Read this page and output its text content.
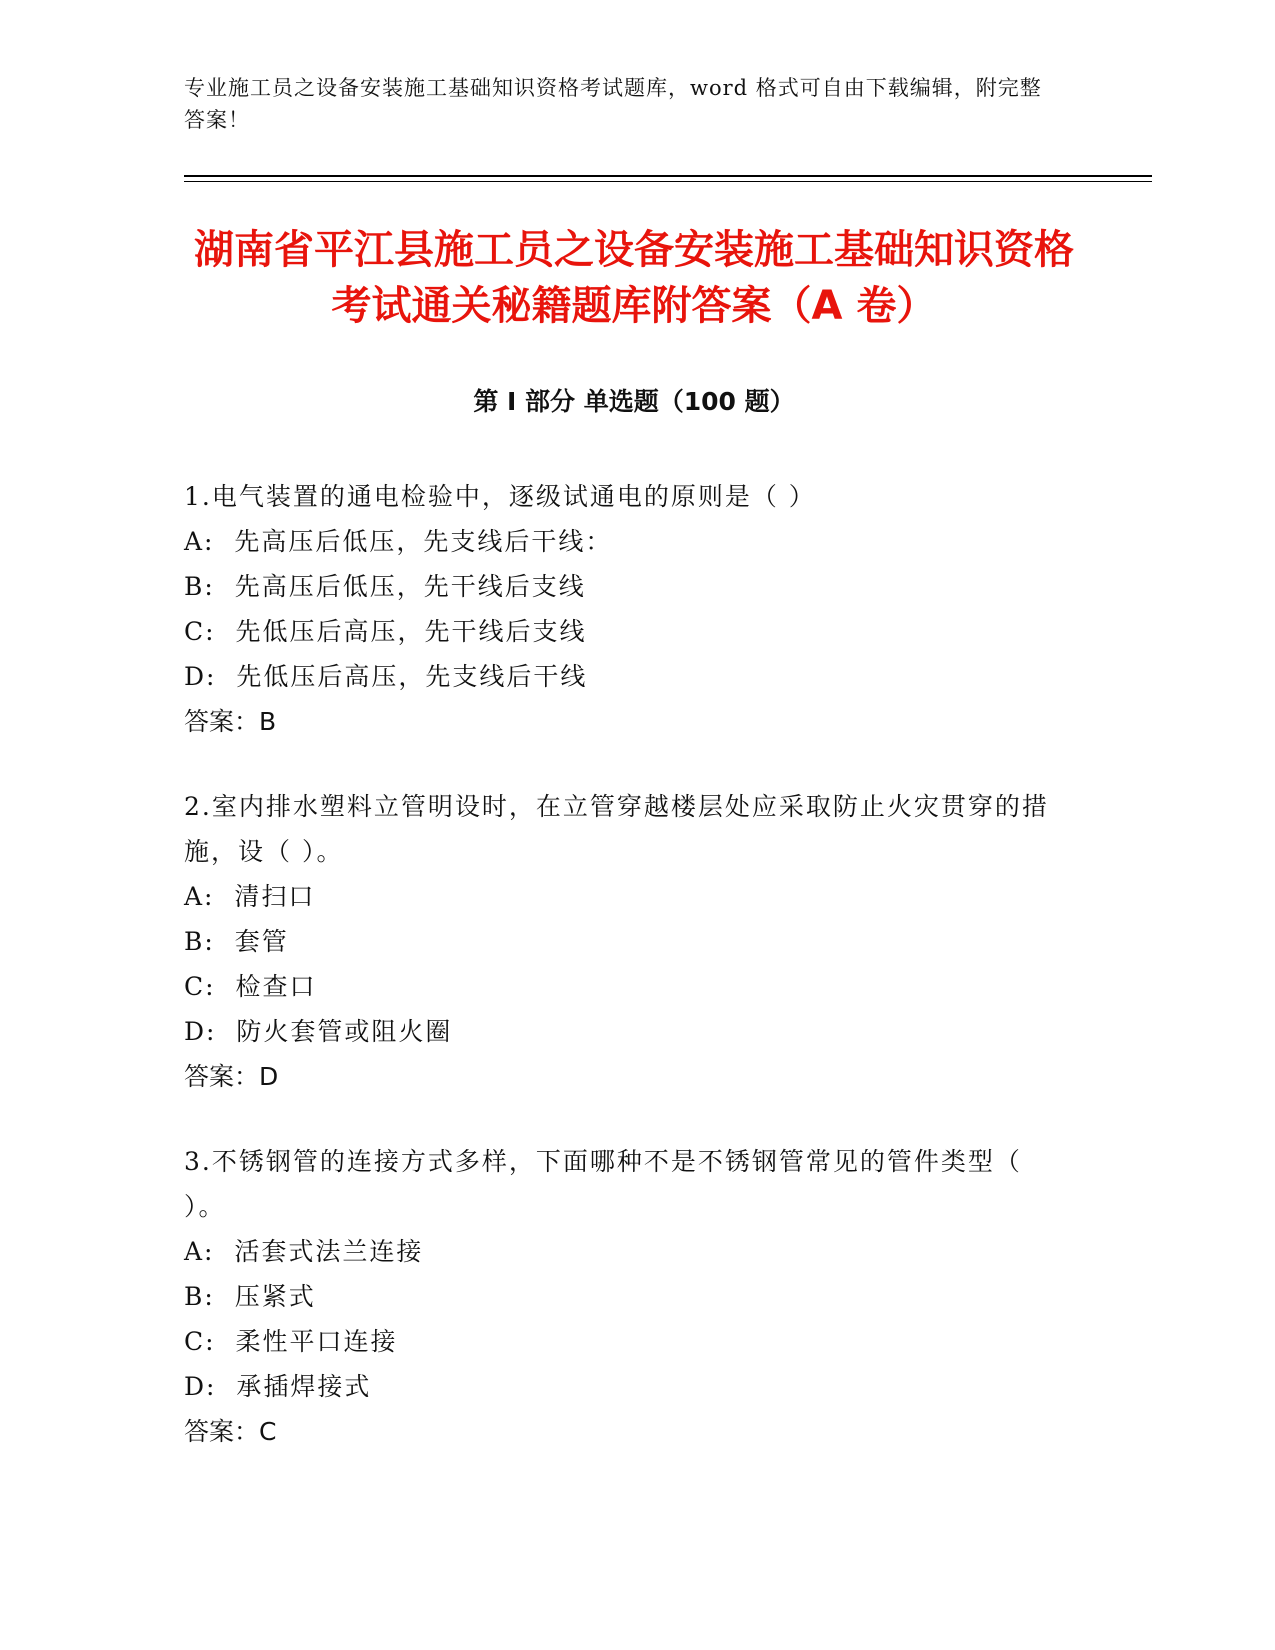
专业施工员之设备安装施工基础知识资格考试题库，word 格式可自由下载编辑，附完整答案！
湖南省平江县施工员之设备安装施工基础知识资格考试通关秘籍题库附答案（A 卷）
第 I 部分 单选题（100 题）

1.电气装置的通电检验中，逐级试通电的原则是（ ）

A:  先高压后低压，先支线后干线：

B:  先高压后低压，先干线后支线

C:  先低压后高压，先干线后支线

D:  先低压后高压，先支线后干线

答案：B

2.室内排水塑料立管明设时，在立管穿越楼层处应采取防止火灾贯穿的措施，设（ ）。

A:  清扫口

B:  套管

C:  检查口

D:  防火套管或阻火圈

答案：D

3.不锈钢管的连接方式多样，下面哪种不是不锈钢管常见的管件类型（ ）。

A:  活套式法兰连接

B:  压紧式

C:  柔性平口连接

D:  承插焊接式

答案：C
